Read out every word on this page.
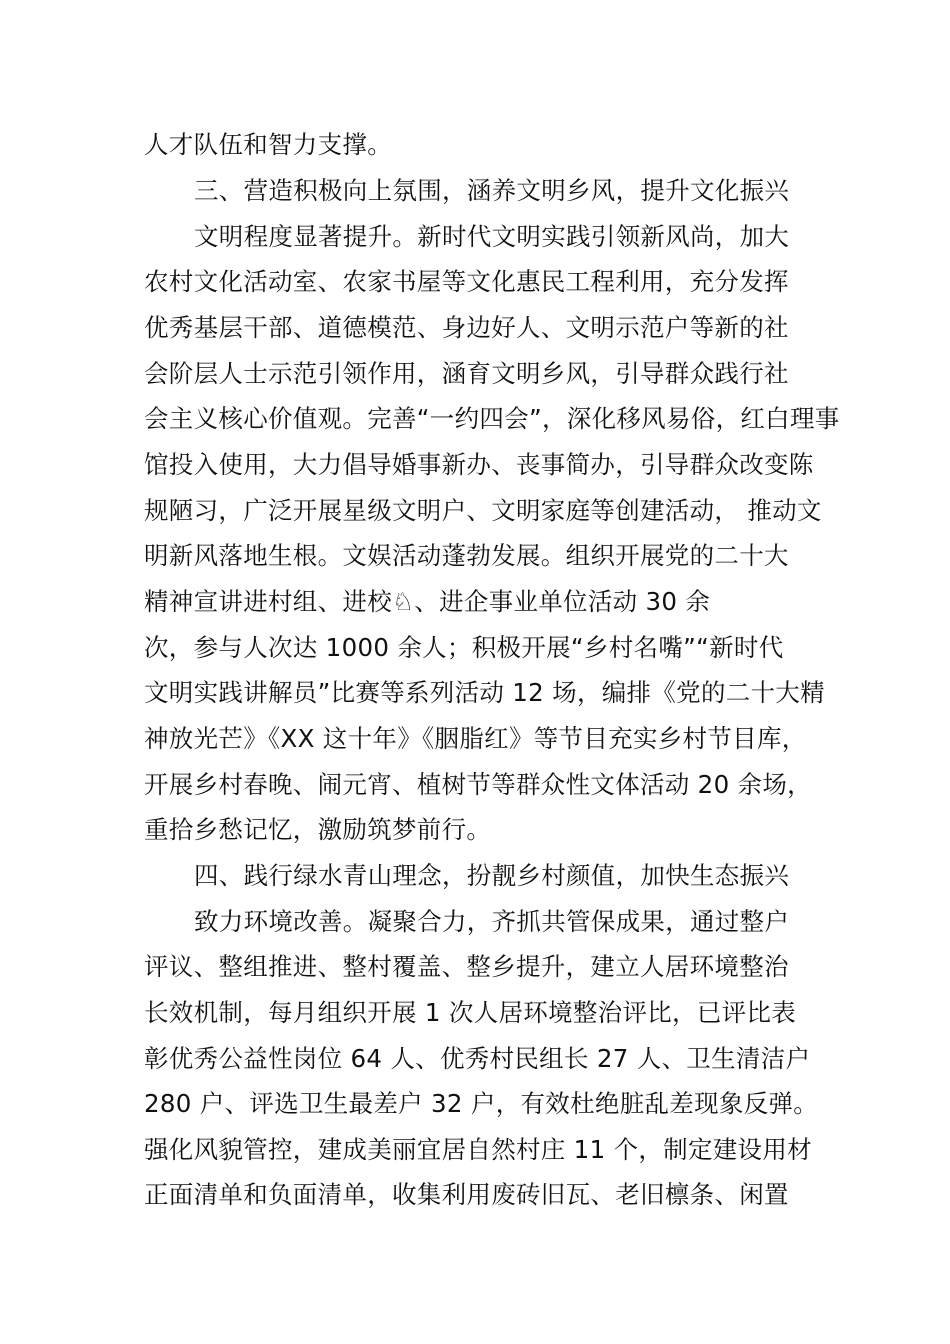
人才队伍和智力支撑。
三、营造积极向上氛围，涵养文明乡风，提升文化振兴
文明程度显著提升。新时代文明实践引领新风尚，加大
农村文化活动室、农家书屋等文化惠民工程利用，充分发挥
优秀基层干部、道德模范、身边好人、文明示范户等新的社
会阶层人士示范引领作用，涵育文明乡风，引导群众践行社
会主义核心价值观。完善“一约四会”，深化移风易俗，红白理事
馆投入使用，大力倡导婚事新办、丧事简办，引导群众改变陈
规陋习，广泛开展星级文明户、文明家庭等创建活动， 推动文
明新风落地生根。文娱活动蓬勃发展。组织开展党的二十大
精神宣讲进村组、进校♘、进企事业单位活动 30 余
次，参与人次达 1000 余人；积极开展“乡村名嘴”“新时代
文明实践讲解员”比赛等系列活动 12 场，编排《党的二十大精
神放光芒》《XX 这十年》《胭脂红》等节目充实乡村节目库，
开展乡村春晚、闹元宵、植树节等群众性文体活动 20 余场，
重拾乡愁记忆，激励筑梦前行。
四、践行绿水青山理念，扮靓乡村颜值，加快生态振兴
致力环境改善。凝聚合力，齐抓共管保成果，通过整户
评议、整组推进、整村覆盖、整乡提升，建立人居环境整治
长效机制，每月组织开展 1 次人居环境整治评比，已评比表
彰优秀公益性岗位 64 人、优秀村民组长 27 人、卫生清洁户
280 户、评选卫生最差户 32 户，有效杜绝脏乱差现象反弹。
强化风貌管控，建成美丽宜居自然村庄 11 个，制定建设用材
正面清单和负面清单，收集利用废砖旧瓦、老旧檩条、闲置
